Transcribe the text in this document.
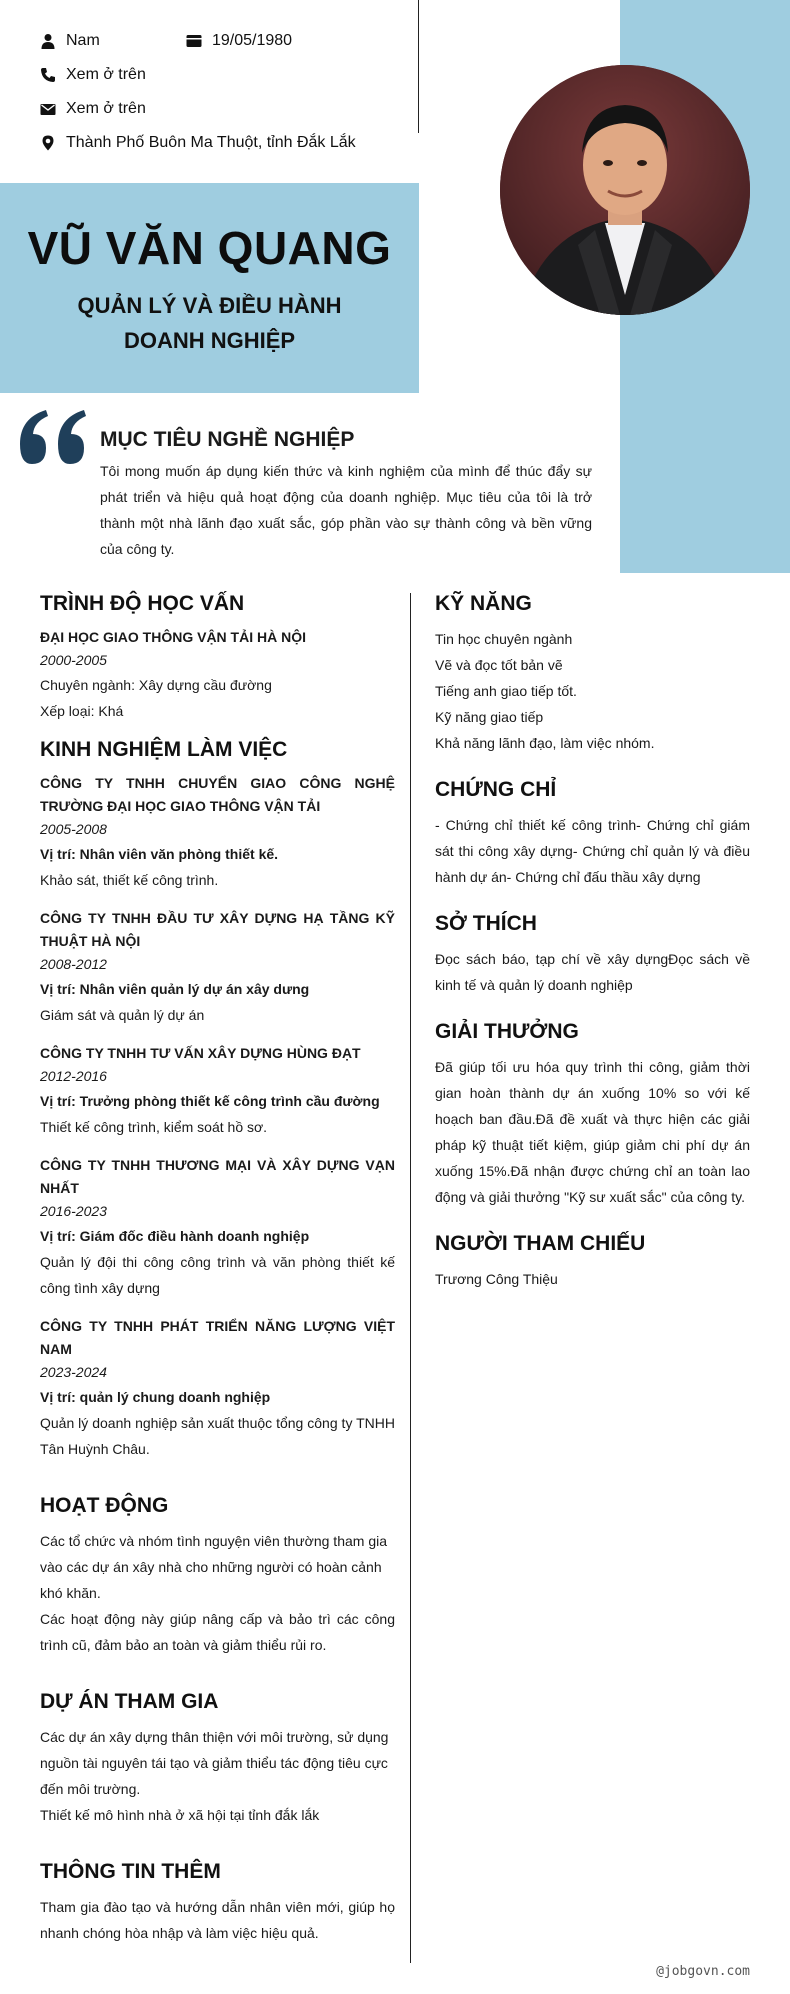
Nam	19/05/1980
Xem ở trên
Xem ở trên
Thành Phố Buôn Ma Thuột, tỉnh Đắk Lắk
VŨ VĂN QUANG
QUẢN LÝ VÀ ĐIỀU HÀNH DOANH NGHIỆP
MỤC TIÊU NGHỀ NGHIỆP

Tôi mong muốn áp dụng kiến thức và kinh nghiệm của mình để thúc đẩy sự phát triển và hiệu quả hoạt động của doanh nghiệp. Mục tiêu của tôi là trở thành một nhà lãnh đạo xuất sắc, góp phần vào sự thành công và bền vững của công ty.

TRÌNH ĐỘ HỌC VẤN
ĐẠI HỌC GIAO THÔNG VẬN TẢI HÀ NỘI
2000-2005
Chuyên ngành: Xây dựng cầu đường
Xếp loại: Khá
KINH NGHIỆM LÀM VIỆC
CÔNG TY TNHH CHUYỂN GIAO CÔNG NGHỆ TRƯỜNG ĐẠI HỌC GIAO THÔNG VẬN TẢI
2005-2008
Vị trí: Nhân viên văn phòng thiết kế.
Khảo sát, thiết kế công trình.
CÔNG TY TNHH ĐẦU TƯ XÂY DỰNG HẠ TẦNG KỸ THUẬT HÀ NỘI
2008-2012
Vị trí: Nhân viên quản lý dự án xây dưng
Giám sát và quản lý dự án
CÔNG TY TNHH TƯ VẤN XÂY DỰNG HÙNG ĐẠT
2012-2016
Vị trí: Trưởng phòng thiết kế công trình cầu đường
Thiết kế công trình, kiểm soát hồ sơ.
CÔNG TY TNHH THƯƠNG MẠI VÀ XÂY DỰNG VẠN NHẤT
2016-2023
Vị trí: Giám đốc điều hành doanh nghiệp
Quản lý đội thi công công trình và văn phòng thiết kế công tình xây dựng
CÔNG TY TNHH PHÁT TRIỂN NĂNG LƯỢNG VIỆT NAM
2023-2024
Vị trí: quản lý chung doanh nghiệp
Quản lý doanh nghiệp sản xuất thuộc tổng công ty TNHH Tân Huỳnh Châu.
HOẠT ĐỘNG
Các tổ chức và nhóm tình nguyện viên thường tham gia vào các dự án xây nhà cho những người có hoàn cảnh khó khăn.
Các hoạt động này giúp nâng cấp và bảo trì các công trình cũ, đảm bảo an toàn và giảm thiểu rủi ro.
DỰ ÁN THAM GIA
Các dự án xây dựng thân thiện với môi trường, sử dụng nguồn tài nguyên tái tạo và giảm thiểu tác động tiêu cực đến môi trường.
Thiết kế mô hình nhà ở xã hội tại tỉnh đắk lắk
THÔNG TIN THÊM
Tham gia đào tạo và hướng dẫn nhân viên mới, giúp họ nhanh chóng hòa nhập và làm việc hiệu quả.
KỸ NĂNG
Tin học chuyên ngành
Vẽ và đọc tốt bản vẽ
Tiếng anh giao tiếp tốt.
Kỹ năng giao tiếp
Khả năng lãnh đạo, làm việc nhóm.
CHỨNG CHỈ
- Chứng chỉ thiết kế công trình- Chứng chỉ giám sát thi công xây dựng- Chứng chỉ quản lý và điều hành dự án- Chứng chỉ đấu thầu xây dựng
SỞ THÍCH
Đọc sách báo, tạp chí về xây dựngĐọc sách về kinh tế và quản lý doanh nghiệp
GIẢI THƯỞNG
Đã giúp tối ưu hóa quy trình thi công, giảm thời gian hoàn thành dự án xuống 10% so với kế hoạch ban đầu.Đã đề xuất và thực hiện các giải pháp kỹ thuật tiết kiệm, giúp giảm chi phí dự án xuống 15%.Đã nhận được chứng chỉ an toàn lao động và giải thưởng "Kỹ sư xuất sắc" của công ty.
NGƯỜI THAM CHIẾU
Trương Công Thiệu
@jobgovn.com
